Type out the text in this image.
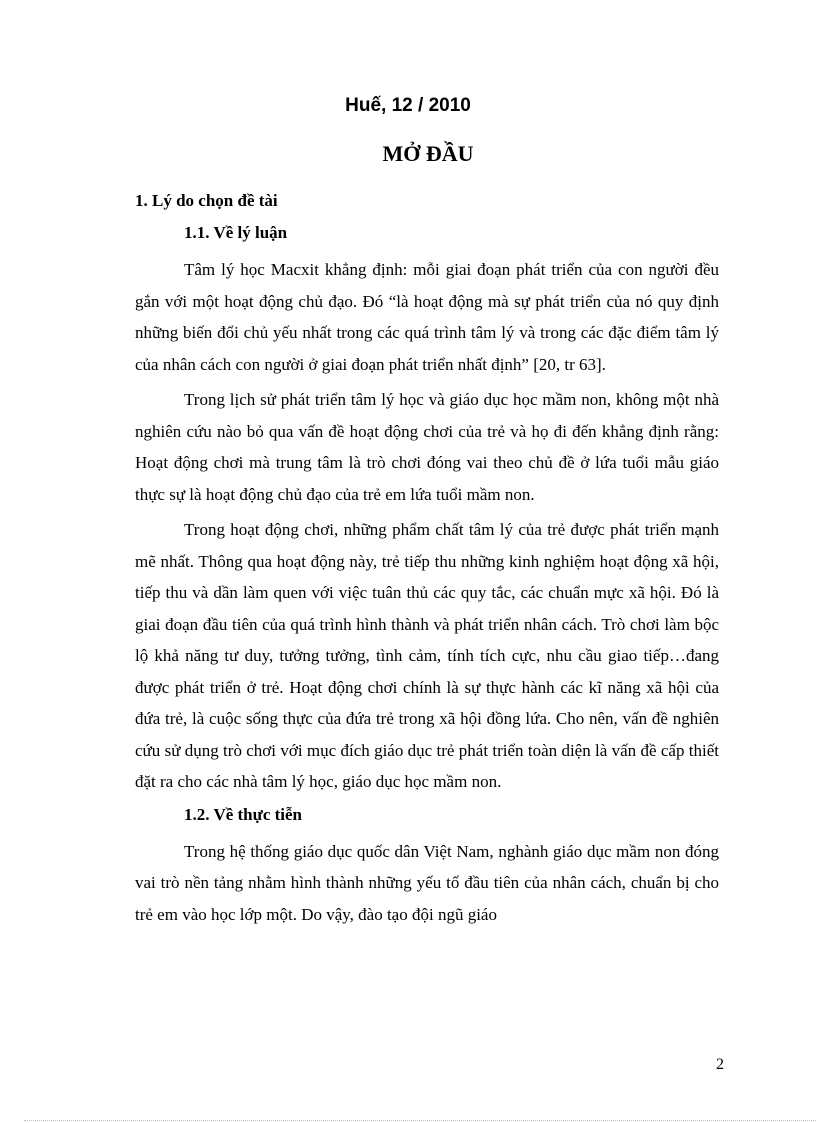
Huế, 12 / 2010
MỞ ĐẦU
1. Lý do chọn đề tài
1.1. Về lý luận

Tâm lý học Macxit khẳng định: mỗi giai đoạn phát triển của con người đều gắn với một hoạt động chủ đạo. Đó “là hoạt động mà sự phát triển của nó quy định những biến đổi chủ yếu nhất trong các quá trình tâm lý và trong các đặc điểm tâm lý của nhân cách con người ở giai đoạn phát triển nhất định” [20, tr 63].

Trong lịch sử phát triển tâm lý học và giáo dục học mầm non, không một nhà nghiên cứu nào bỏ qua vấn đề hoạt động chơi của trẻ và họ đi đến khẳng định rằng: Hoạt động chơi mà trung tâm là trò chơi đóng vai theo chủ đề ở lứa tuổi mẫu giáo thực sự là hoạt động chủ đạo của trẻ em lứa tuổi mầm non.

Trong hoạt động chơi, những phẩm chất tâm lý của trẻ được phát triển mạnh mẽ nhất. Thông qua hoạt động này, trẻ tiếp thu những kinh nghiệm hoạt động xã hội, tiếp thu và dần làm quen với việc tuân thủ các quy tắc, các chuẩn mực xã hội. Đó là giai đoạn đầu tiên của quá trình hình thành và phát triển nhân cách. Trò chơi làm bộc lộ khả năng tư duy, tưởng tưởng, tình cảm, tính tích cực, nhu cầu giao tiếp…đang được phát triển ở trẻ. Hoạt động chơi chính là sự thực hành các kĩ năng xã hội của đứa trẻ, là cuộc sống thực của đứa trẻ trong xã hội đồng lứa. Cho nên, vấn đề nghiên cứu sử dụng trò chơi với mục đích giáo dục trẻ phát triển toàn diện là vấn đề cấp thiết đặt ra cho các nhà tâm lý học, giáo dục học mầm non.

1.2. Về thực tiễn

Trong hệ thống giáo dục quốc dân Việt Nam, nghành giáo dục mầm non đóng vai trò nền tảng nhằm hình thành những yếu tố đầu tiên của nhân cách, chuẩn bị cho trẻ em vào học lớp một. Do vậy, đào tạo đội ngũ giáo

2
